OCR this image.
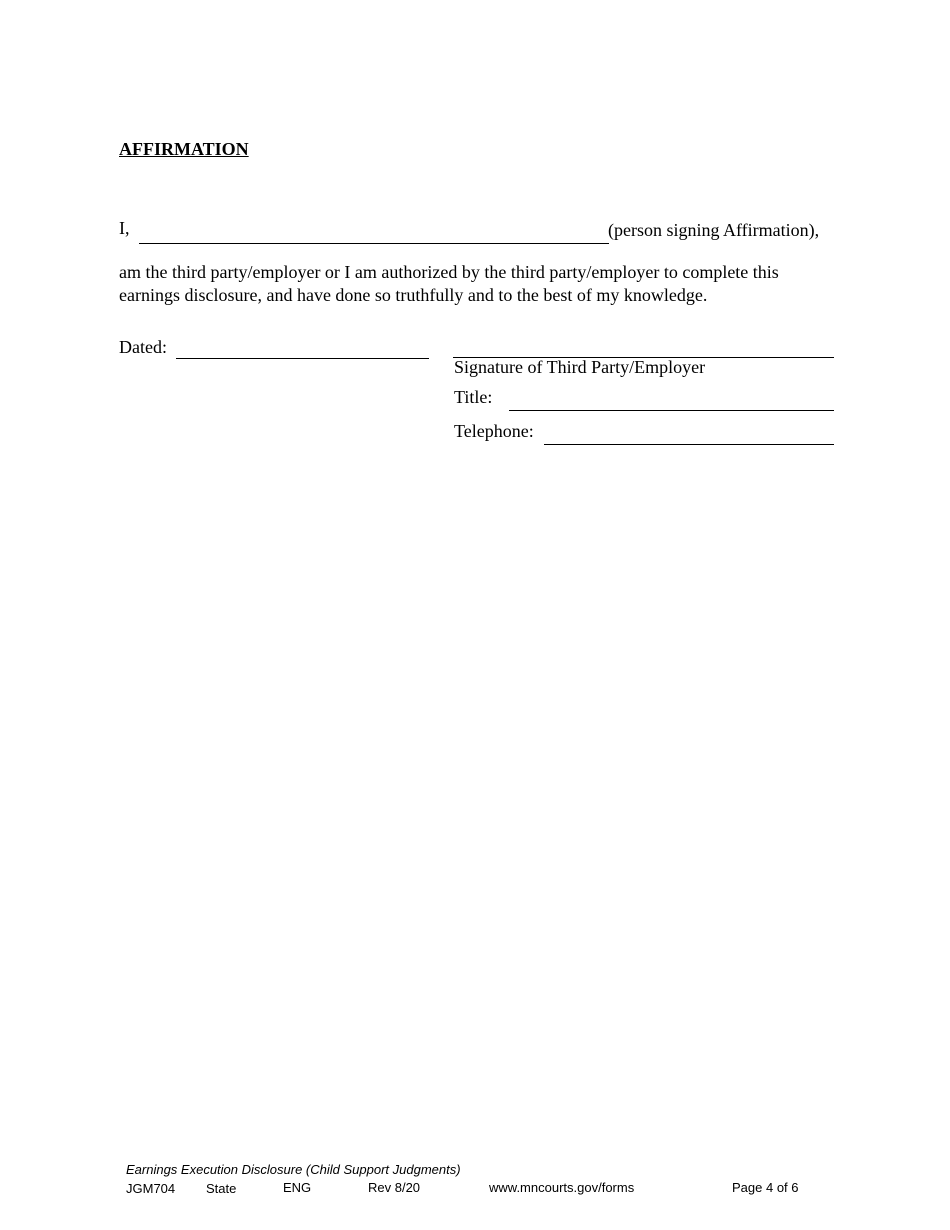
AFFIRMATION
I,	(person signing Affirmation),
am the third party/employer or I am authorized by the third party/employer to complete this
earnings disclosure, and have done so truthfully and to the best of my knowledge.
Dated:
Signature of Third Party/Employer
Title:
Telephone:
Earnings Execution Disclosure (Child Support Judgments)
JGM704 State	ENG	Rev 8/20	www.mncourts.gov/forms	Page 4 of 6
